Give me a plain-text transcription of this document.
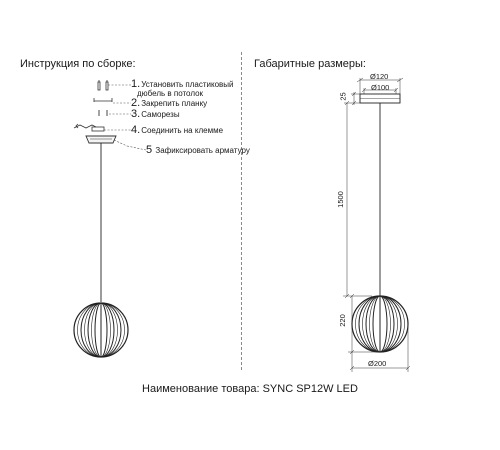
Инструкция по сборке:	Габаритные размеры:
1.Установить пластиковый
дюбель в потолок
2.Закрепить планку
3.Саморезы
4.Соединить на клемме
5 Зафиксировать арматуру
Ø120
Ø100
25
1500
220
Ø200
Наименование товара: SYNC SP12W LED
